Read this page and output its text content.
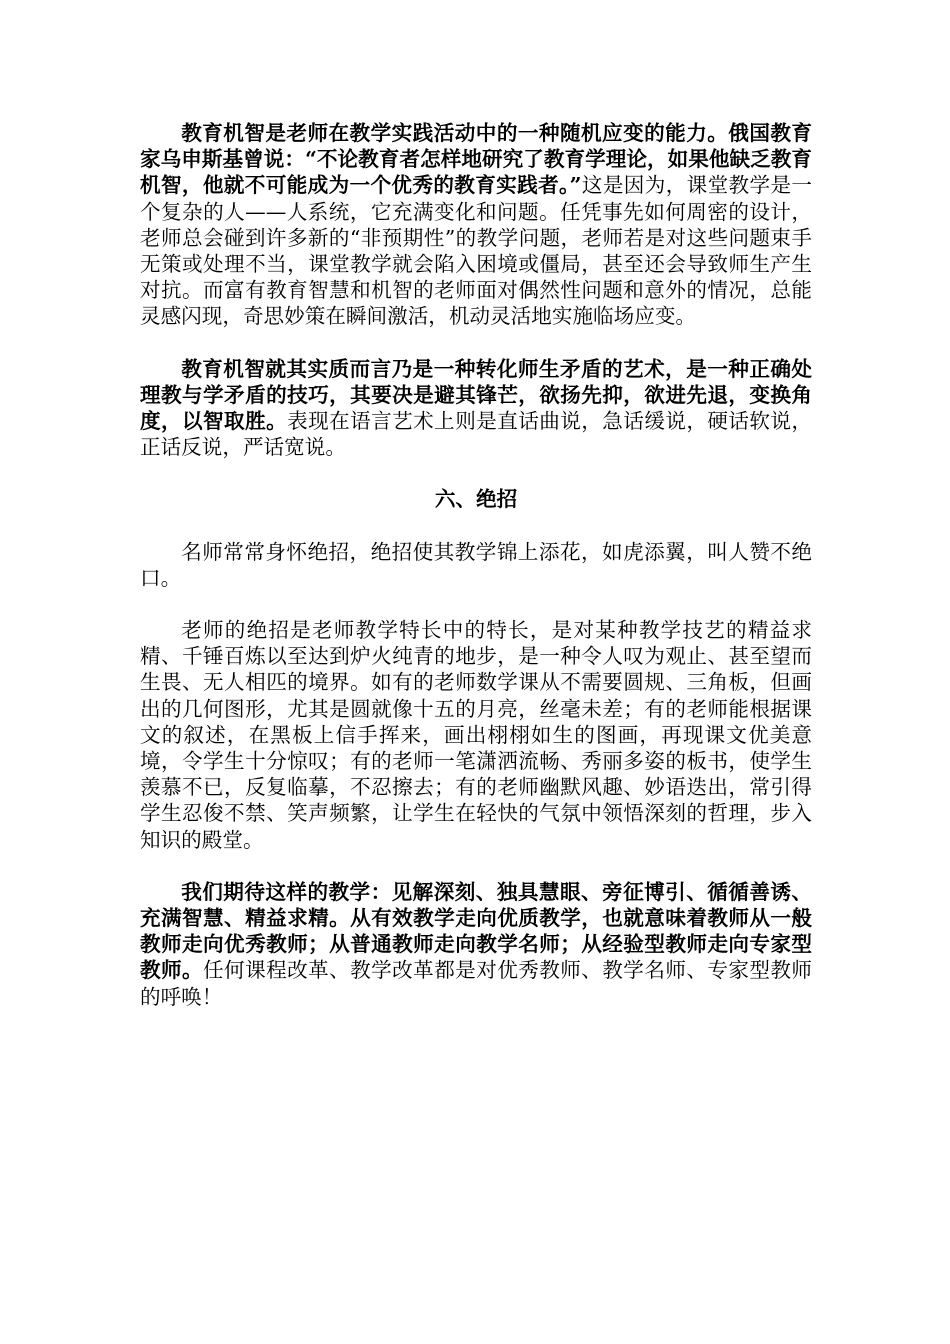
教育机智是老师在教学实践活动中的一种随机应变的能力。俄国教育家乌申斯基曾说：“不论教育者怎样地研究了教育学理论，如果他缺乏教育机智，他就不可能成为一个优秀的教育实践者。”这是因为，课堂教学是一个复杂的人——人系统，它充满变化和问题。任凭事先如何周密的设计，老师总会碰到许多新的“非预期性”的教学问题，老师若是对这些问题束手无策或处理不当，课堂教学就会陷入困境或僵局，甚至还会导致师生产生对抗。而富有教育智慧和机智的老师面对偶然性问题和意外的情况，总能灵感闪现，奇思妙策在瞬间激活，机动灵活地实施临场应变。

教育机智就其实质而言乃是一种转化师生矛盾的艺术，是一种正确处理教与学矛盾的技巧，其要决是避其锋芒，欲扬先抑，欲进先退，变换角度，以智取胜。表现在语言艺术上则是直话曲说，急话缓说，硬话软说，正话反说，严话宽说。

六、绝招

名师常常身怀绝招，绝招使其教学锦上添花，如虎添翼，叫人赞不绝口。

老师的绝招是老师教学特长中的特长，是对某种教学技艺的精益求精、千锤百炼以至达到炉火纯青的地步，是一种令人叹为观止、甚至望而生畏、无人相匹的境界。如有的老师数学课从不需要圆规、三角板，但画出的几何图形，尤其是圆就像十五的月亮，丝毫未差；有的老师能根据课文的叙述，在黑板上信手挥来，画出栩栩如生的图画，再现课文优美意境，令学生十分惊叹；有的老师一笔潇洒流畅、秀丽多姿的板书，使学生羡慕不已，反复临摹，不忍擦去；有的老师幽默风趣、妙语迭出，常引得学生忍俊不禁、笑声频繁，让学生在轻快的气氛中领悟深刻的哲理，步入知识的殿堂。

我们期待这样的教学：见解深刻、独具慧眼、旁征博引、循循善诱、充满智慧、精益求精。从有效教学走向优质教学，也就意味着教师从一般教师走向优秀教师；从普通教师走向教学名师；从经验型教师走向专家型教师。任何课程改革、教学改革都是对优秀教师、教学名师、专家型教师的呼唤！
